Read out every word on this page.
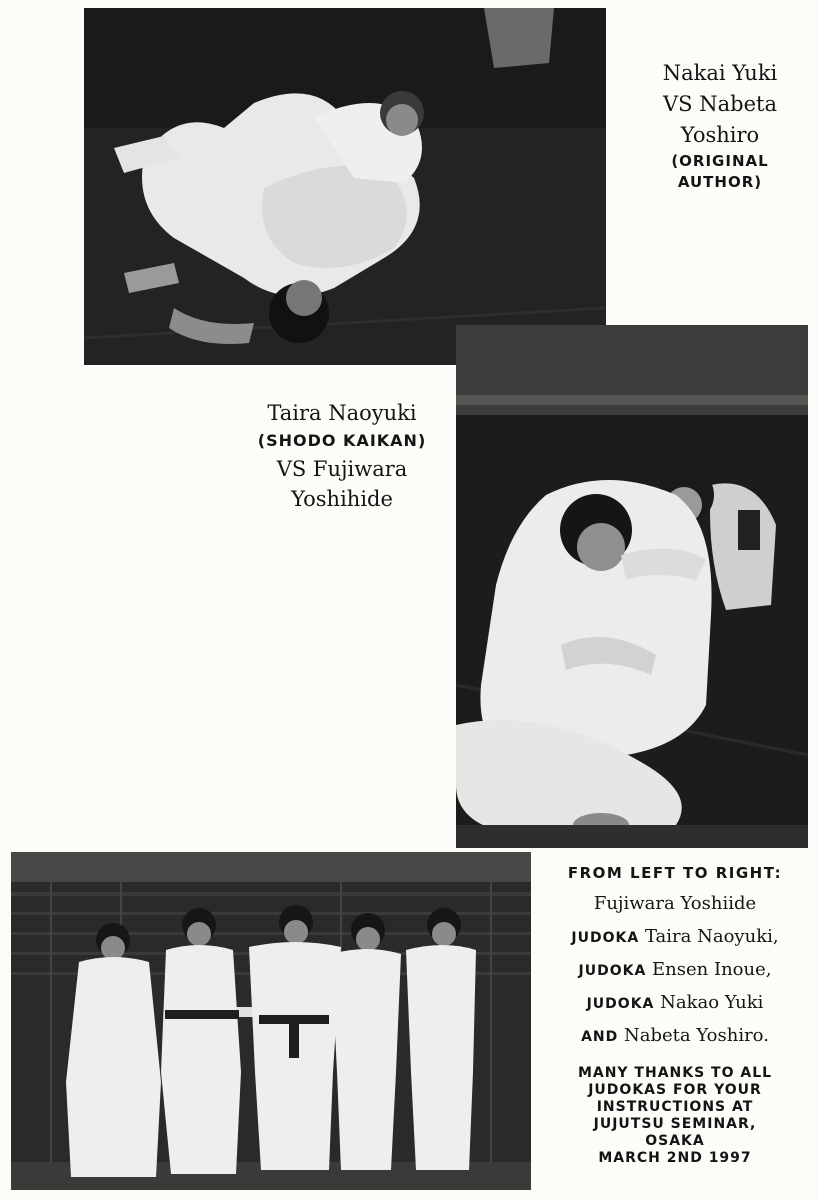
Nakai Yuki
VS Nabeta
Yoshiro
(ORIGINAL
AUTHOR)
Taira Naoyuki
(SHODO KAIKAN)
VS Fujiwara
Yoshihide
FROM LEFT TO RIGHT:
Fujiwara Yoshiide
JUDOKA Taira Naoyuki,
JUDOKA Ensen Inoue,
JUDOKA Nakao Yuki
AND Nabeta Yoshiro.
MANY THANKS TO ALL
JUDOKAS FOR YOUR
INSTRUCTIONS AT
JUJUTSU SEMINAR,
OSAKA
MARCH 2ND 1997
